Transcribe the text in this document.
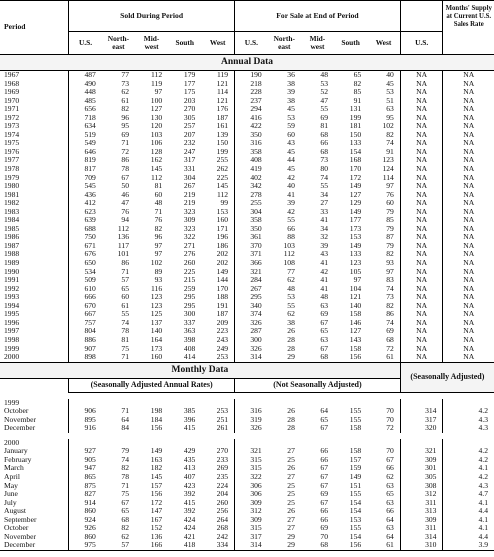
Period	Sold During Period					For Sale at End of Period						Months' Supply at Current U.S. Sales Rate
	U.S.	North- east	Mid- west	South	West	U.S.	North- east	Mid- west	South	West	U.S.	
Annual Data												
1967	487	77	112	179	119	190	36	48	65	40	NA	NA
1968	490	73	119	177	121	218	38	53	82	45	NA	NA
1969	448	62	97	175	114	228	39	52	85	53	NA	NA
1970	485	61	100	203	121	237	38	47	91	51	NA	NA
1971	656	82	127	270	176	294	45	55	131	63	NA	NA
1972	718	96	130	305	187	416	53	69	199	95	NA	NA
1973	634	95	120	257	161	422	59	81	181	102	NA	NA
1974	519	69	103	207	139	350	60	68	150	82	NA	NA
1975	549	71	106	232	150	316	43	66	133	74	NA	NA
1976	646	72	128	247	199	358	45	68	154	91	NA	NA
1977	819	86	162	317	255	408	44	73	168	123	NA	NA
1978	817	78	145	331	262	419	45	80	170	124	NA	NA
1979	709	67	112	304	225	402	42	74	172	114	NA	NA
1980	545	50	81	267	145	342	40	55	149	97	NA	NA
1981	436	46	60	219	112	278	41	34	127	76	NA	NA
1982	412	47	48	219	99	255	39	27	129	60	NA	NA
1983	623	76	71	323	153	304	42	33	149	79	NA	NA
1984	639	94	76	309	160	358	55	41	177	85	NA	NA
1985	688	112	82	323	171	350	66	34	173	79	NA	NA
1986	750	136	96	322	196	361	88	32	153	87	NA	NA
1987	671	117	97	271	186	370	103	39	149	79	NA	NA
1988	676	101	97	276	202	371	112	43	133	82	NA	NA
1989	650	86	102	260	202	366	108	41	123	93	NA	NA
1990	534	71	89	225	149	321	77	42	105	97	NA	NA
1991	509	57	93	215	144	284	62	41	97	83	NA	NA
1992	610	65	116	259	170	267	48	41	104	74	NA	NA
1993	666	60	123	295	188	295	53	48	121	73	NA	NA
1994	670	61	123	295	191	340	55	63	140	82	NA	NA
1995	667	55	125	300	187	374	62	69	158	86	NA	NA
1996	757	74	137	337	209	326	38	67	146	74	NA	NA
1997	804	78	140	363	223	287	26	65	127	69	NA	NA
1998	886	81	164	398	243	300	28	63	143	68	NA	NA
1999	907	75	173	408	249	326	28	67	158	72	NA	NA
2000	898	71	160	414	253	314	29	68	156	61	NA	NA
Monthly Data											(Seasonally Adjusted)	
	(Seasonally Adjusted Annual Rates)					(Not Seasonally Adjusted)						

1999												
October	906	71	198	385	253	316	26	64	155	70	314	4.2
November	895	64	184	396	251	319	28	65	155	70	317	4.3
December	916	84	156	415	261	326	28	67	158	72	320	4.3

2000												
January	927	79	149	429	270	321	27	66	158	70	321	4.2
February	905	74	163	435	233	315	25	66	157	67	309	4.2
March	947	82	182	413	269	315	26	67	159	66	301	4.1
April	865	78	145	407	235	322	27	67	149	62	305	4.2
May	875	71	157	423	224	306	25	67	151	63	308	4.3
June	827	75	156	392	204	306	25	69	155	65	312	4.7
July	914	67	172	415	260	309	25	67	154	63	311	4.1
August	860	65	147	392	256	312	26	66	154	66	313	4.4
September	924	68	167	424	264	309	27	66	153	64	309	4.1
October	926	82	152	424	268	315	27	69	155	63	311	4.1
November	860	62	136	421	242	317	29	70	154	64	314	4.4
December	975	57	166	418	334	314	29	68	156	61	310	3.9
